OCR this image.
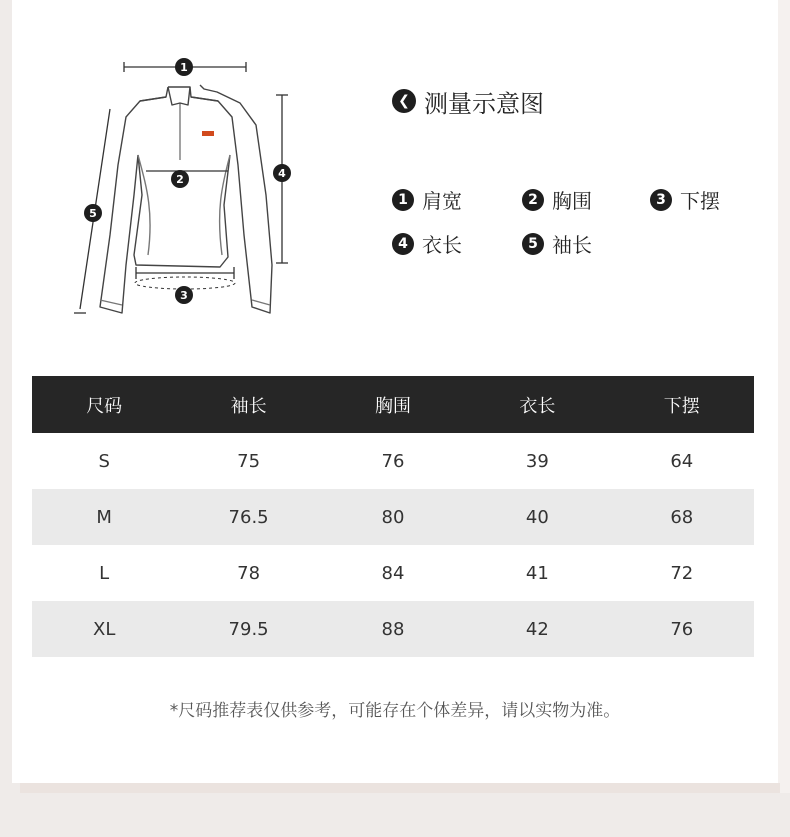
1
2
3
4
5
❮ 测量示意图
1 肩宽	2 胸围	3 下摆
4 衣长	5 袖长
尺码	袖长	胸围	衣长	下摆
S	75	76	39	64
M	76.5	80	40	68
L	78	84	41	72
XL	79.5	88	42	76
*尺码推荐表仅供参考，可能存在个体差异，请以实物为准。
